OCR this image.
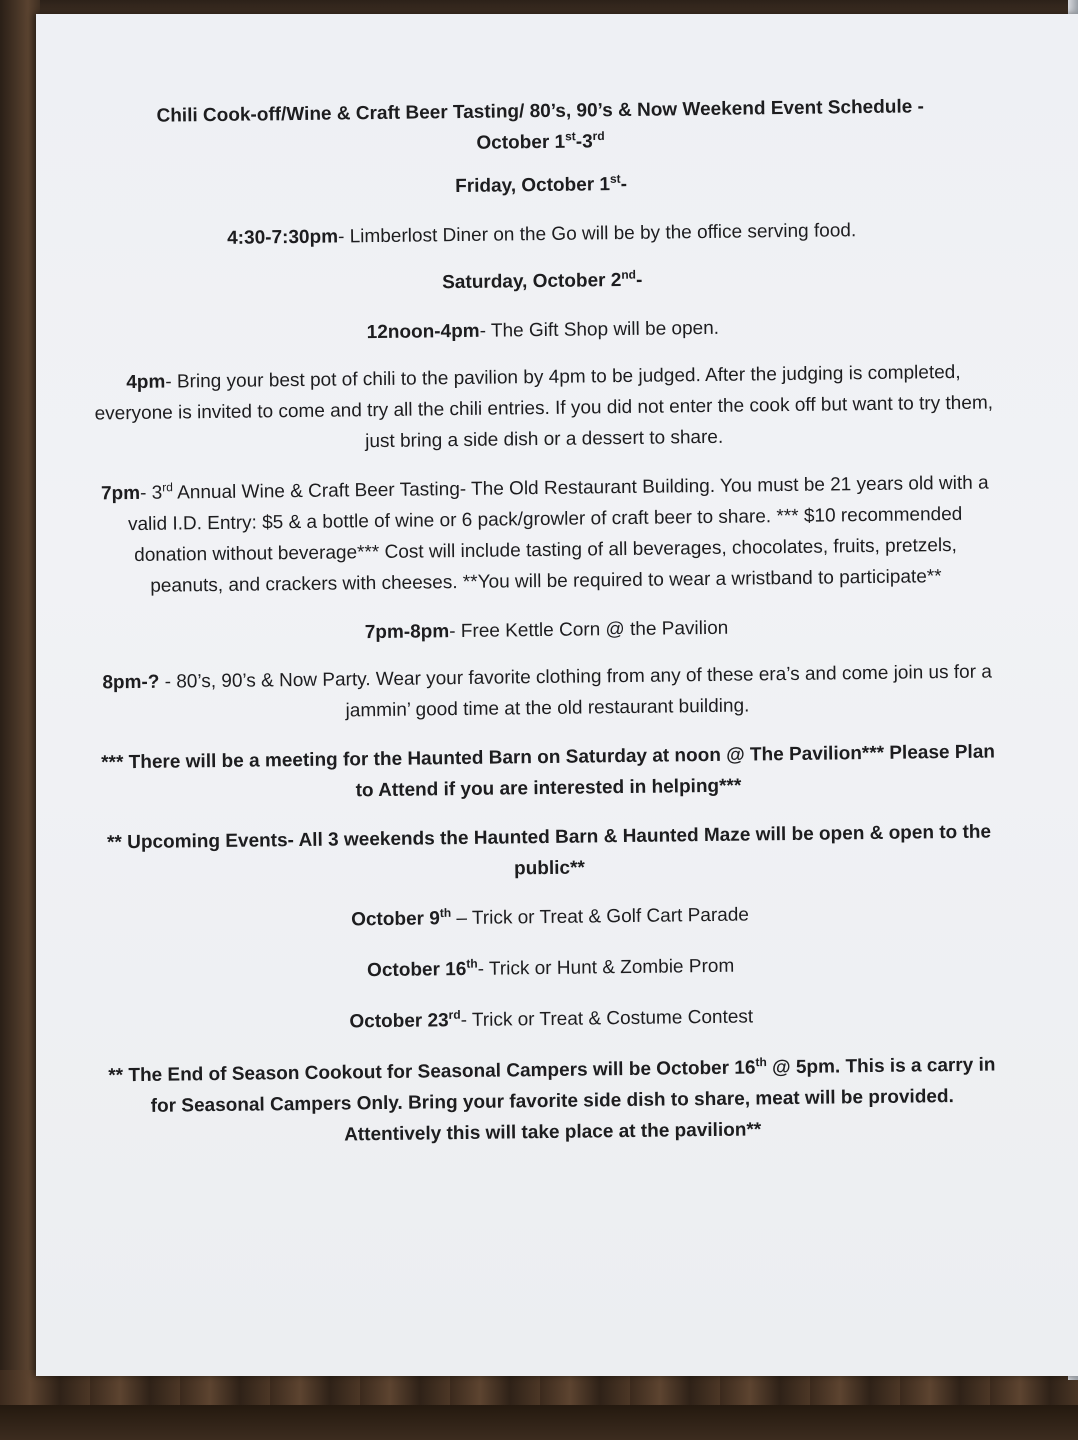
Chili Cook-off/Wine & Craft Beer Tasting/ 80’s, 90’s & Now Weekend Event Schedule -
October 1st-3rd

Friday, October 1st-

4:30-7:30pm- Limberlost Diner on the Go will be by the office serving food.

Saturday, October 2nd-

12noon-4pm- The Gift Shop will be open.

4pm- Bring your best pot of chili to the pavilion by 4pm to be judged. After the judging is completed, everyone is invited to come and try all the chili entries. If you did not enter the cook off but want to try them, just bring a side dish or a dessert to share.

7pm- 3rd Annual Wine & Craft Beer Tasting- The Old Restaurant Building. You must be 21 years old with a valid I.D. Entry: $5 & a bottle of wine or 6 pack/growler of craft beer to share. *** $10 recommended donation without beverage*** Cost will include tasting of all beverages, chocolates, fruits, pretzels, peanuts, and crackers with cheeses. **You will be required to wear a wristband to participate**

7pm-8pm- Free Kettle Corn @ the Pavilion

8pm-? - 80’s, 90’s & Now Party. Wear your favorite clothing from any of these era’s and come join us for a jammin’ good time at the old restaurant building.

*** There will be a meeting for the Haunted Barn on Saturday at noon @ The Pavilion*** Please Plan to Attend if you are interested in helping***

** Upcoming Events- All 3 weekends the Haunted Barn & Haunted Maze will be open & open to the public**

October 9th – Trick or Treat & Golf Cart Parade

October 16th- Trick or Hunt & Zombie Prom

October 23rd- Trick or Treat & Costume Contest

** The End of Season Cookout for Seasonal Campers will be October 16th @ 5pm. This is a carry in for Seasonal Campers Only. Bring your favorite side dish to share, meat will be provided. Attentively this will take place at the pavilion**
